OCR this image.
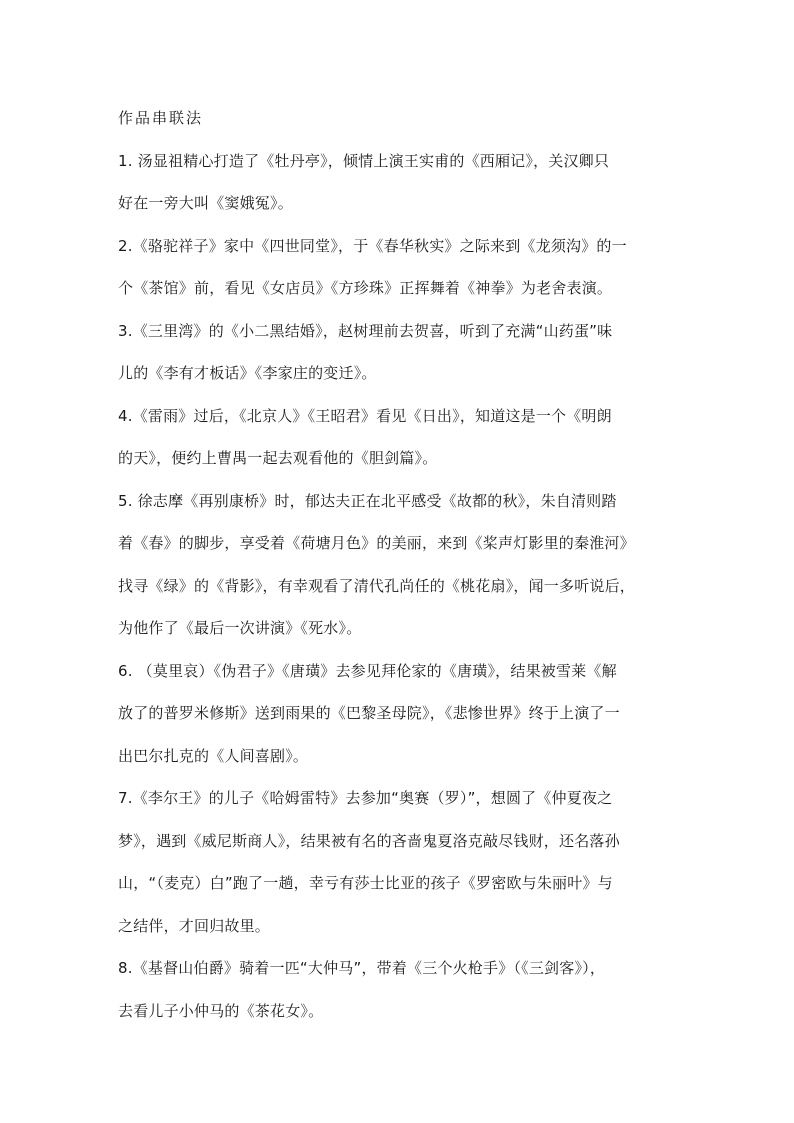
作品串联法
1. 汤显祖精心打造了《牡丹亭》，倾情上演王实甫的《西厢记》，关汉卿只
好在一旁大叫《窦娥冤》。
2.《骆驼祥子》家中《四世同堂》，于《春华秋实》之际来到《龙须沟》的一
个《茶馆》前，看见《女店员》《方珍珠》正挥舞着《神拳》为老舍表演。
3.《三里湾》的《小二黑结婚》，赵树理前去贺喜，听到了充满“山药蛋”味
儿的《李有才板话》《李家庄的变迁》。
4.《雷雨》过后，《北京人》《王昭君》看见《日出》，知道这是一个《明朗
的天》，便约上曹禺一起去观看他的《胆剑篇》。
5. 徐志摩《再别康桥》时，郁达夫正在北平感受《故都的秋》，朱自清则踏
着《春》的脚步，享受着《荷塘月色》的美丽，来到《桨声灯影里的秦淮河》
找寻《绿》的《背影》，有幸观看了清代孔尚任的《桃花扇》，闻一多听说后，
为他作了《最后一次讲演》《死水》。
6. （莫里哀）《伪君子》《唐璜》去参见拜伦家的《唐璜》，结果被雪莱《解
放了的普罗米修斯》送到雨果的《巴黎圣母院》，《悲惨世界》终于上演了一
出巴尔扎克的《人间喜剧》。
7.《李尔王》的儿子《哈姆雷特》去参加“奥赛（罗）”，想圆了《仲夏夜之
梦》，遇到《威尼斯商人》，结果被有名的吝啬鬼夏洛克敲尽钱财，还名落孙
山，“（麦克）白”跑了一趟，幸亏有莎士比亚的孩子《罗密欧与朱丽叶》与
之结伴，才回归故里。
8.《基督山伯爵》骑着一匹“大仲马”，带着《三个火枪手》（《三剑客》），
去看儿子小仲马的《茶花女》。
